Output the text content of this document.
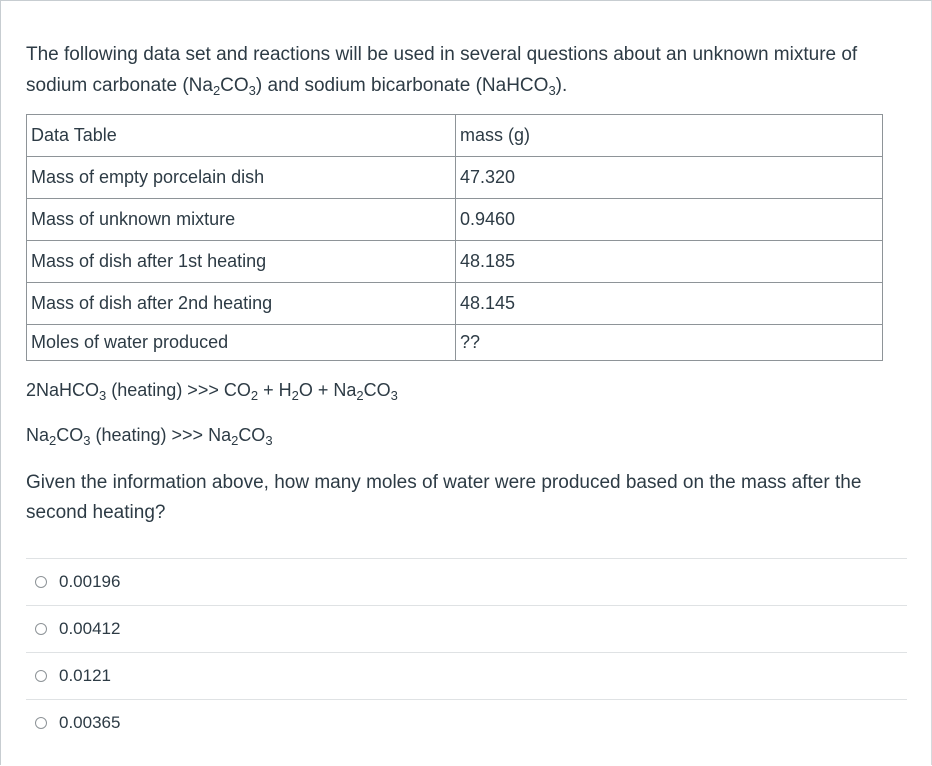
The following data set and reactions will be used in several questions about an unknown mixture of
sodium carbonate $(Na_2CO_3)$ and sodium bicarbonate (NaHCO$_3$).

Data Table	mass (g)
Mass of empty porcelain dish	47.320
Mass of unknown mixture	0.9460
Mass of dish after 1st heating	48.185
Mass of dish after 2nd heating	48.145
Moles of water produced	??

2NaHCO$_3$ (heating) >>> $CO_2 + H_2O + Na_2CO_3$

$Na_2CO_3$ (heating) >>> $Na_2CO_3$

Given the information above, how many moles of water were produced based on the mass after the second heating?

0.00196
0.00412
0.0121
0.00365
